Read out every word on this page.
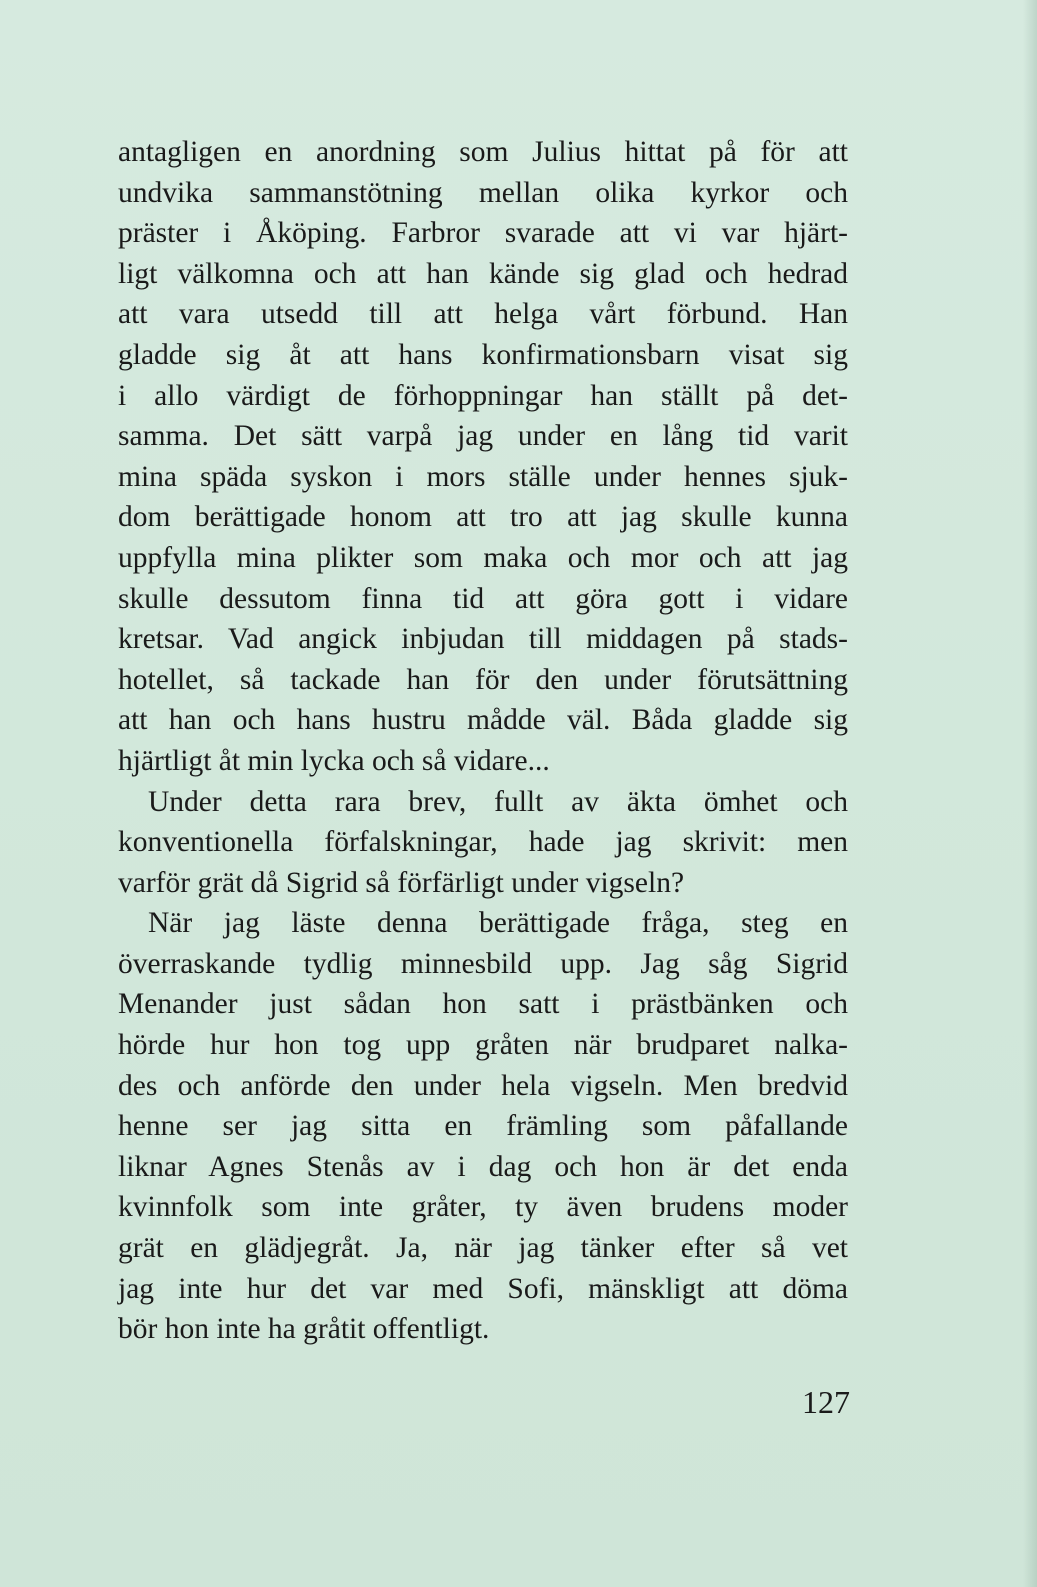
antagligen en anordning som Julius hittat på för att
undvika sammanstötning mellan olika kyrkor och
präster i Åköping. Farbror svarade att vi var hjärt-
ligt välkomna och att han kände sig glad och hedrad
att vara utsedd till att helga vårt förbund. Han
gladde sig åt att hans konfirmationsbarn visat sig
i allo värdigt de förhoppningar han ställt på det-
samma. Det sätt varpå jag under en lång tid varit
mina späda syskon i mors ställe under hennes sjuk-
dom berättigade honom att tro att jag skulle kunna
uppfylla mina plikter som maka och mor och att jag
skulle dessutom finna tid att göra gott i vidare
kretsar. Vad angick inbjudan till middagen på stads-
hotellet, så tackade han för den under förutsättning
att han och hans hustru mådde väl. Båda gladde sig
hjärtligt åt min lycka och så vidare...
Under detta rara brev, fullt av äkta ömhet och
konventionella förfalskningar, hade jag skrivit: men
varför grät då Sigrid så förfärligt under vigseln?
När jag läste denna berättigade fråga, steg en
överraskande tydlig minnesbild upp. Jag såg Sigrid
Menander just sådan hon satt i prästbänken och
hörde hur hon tog upp gråten när brudparet nalka-
des och anförde den under hela vigseln. Men bredvid
henne ser jag sitta en främling som påfallande
liknar Agnes Stenås av i dag och hon är det enda
kvinnfolk som inte gråter, ty även brudens moder
grät en glädjegråt. Ja, när jag tänker efter så vet
jag inte hur det var med Sofi, mänskligt att döma
bör hon inte ha gråtit offentligt.
127
